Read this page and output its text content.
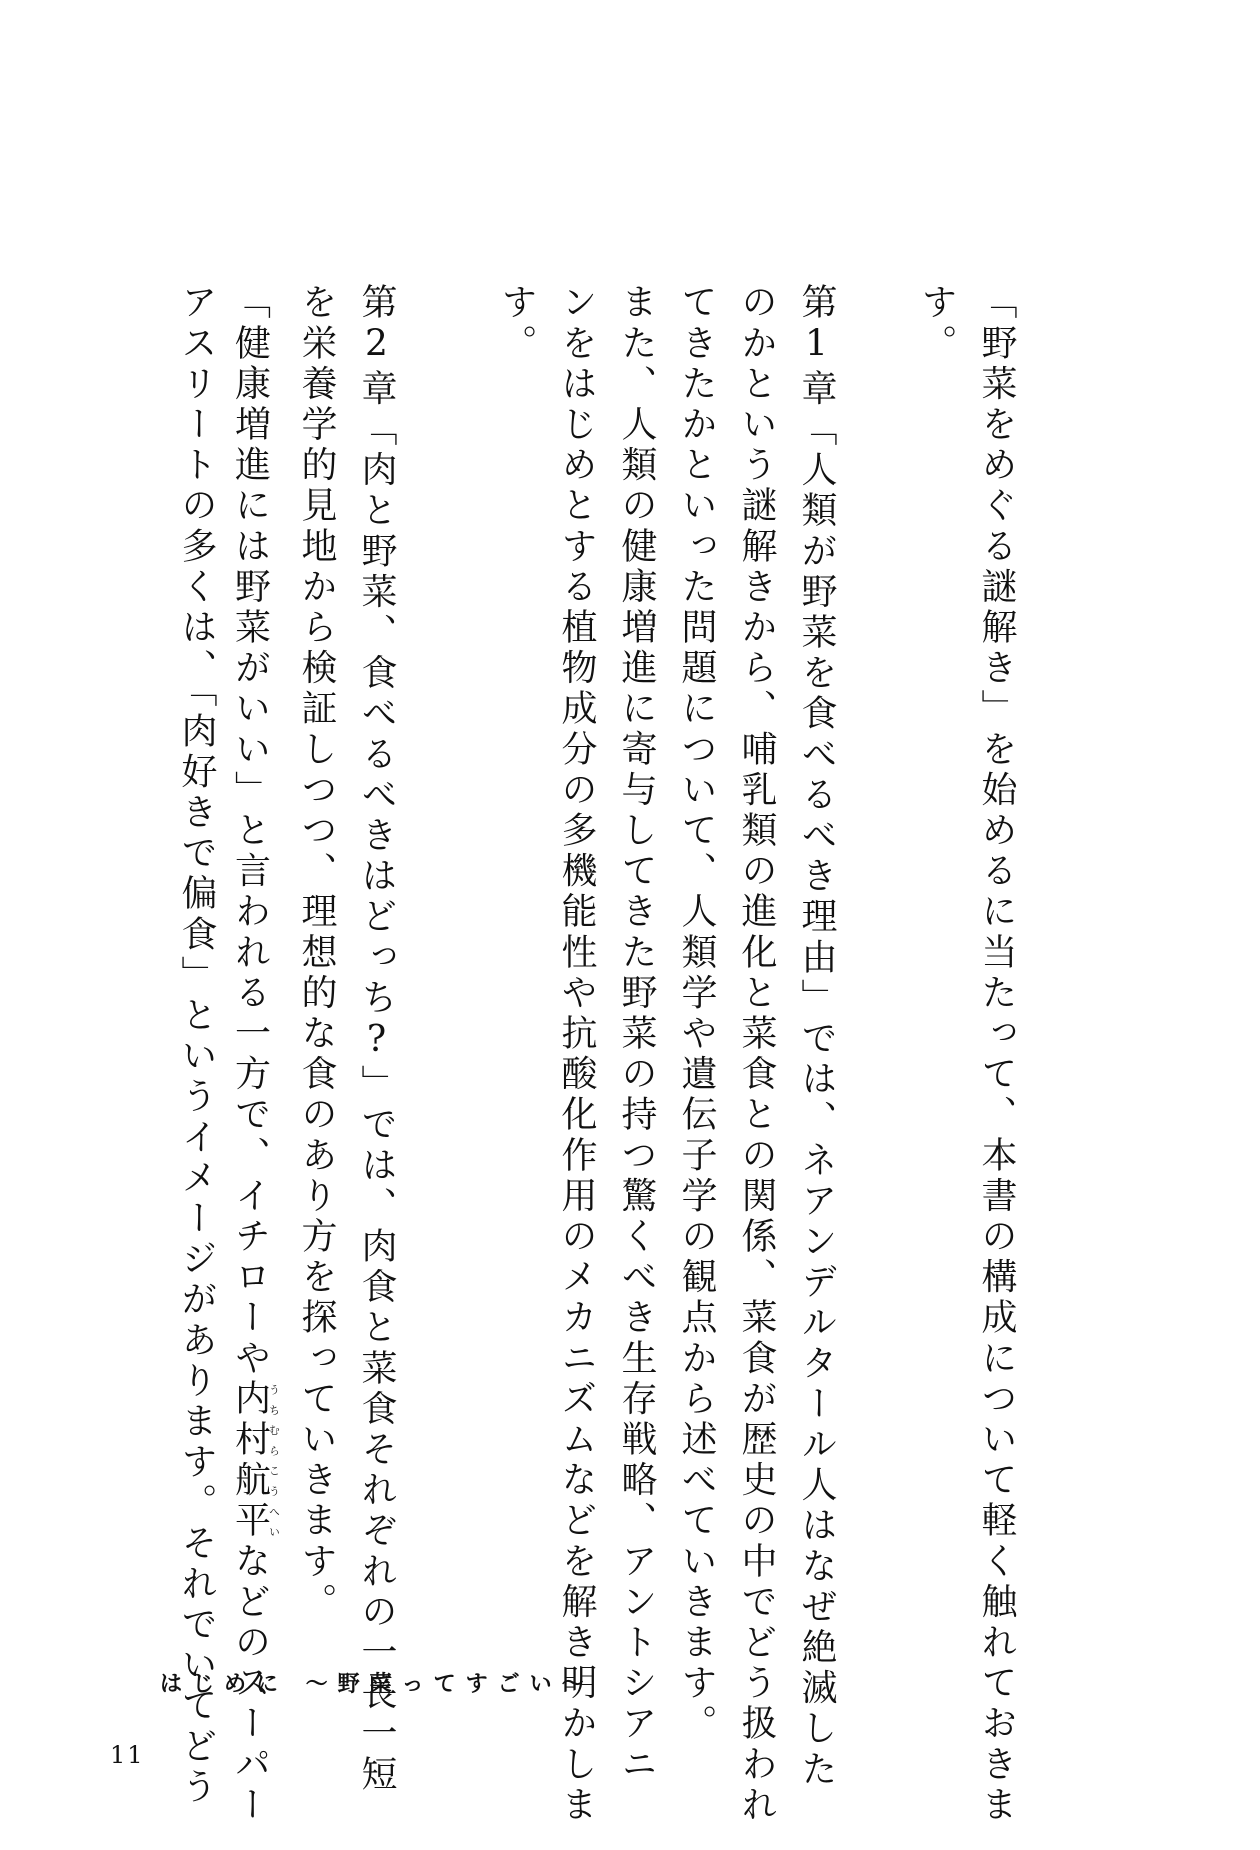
「野菜をめぐる謎解き」を始めるに当たって、本書の構成について軽く触れておきま
す。
第1章「人類が野菜を食べるべき理由」では、ネアンデルタール人はなぜ絶滅した
のかという謎解きから、哺乳類の進化と菜食との関係、菜食が歴史の中でどう扱われ
てきたかといった問題について、人類学や遺伝子学の観点から述べていきます。
また、人類の健康増進に寄与してきた野菜の持つ驚くべき生存戦略、アントシアニ
ンをはじめとする植物成分の多機能性や抗酸化作用のメカニズムなどを解き明かしま
す。
第2章「肉と野菜、食べるべきはどっち?」では、肉食と菜食それぞれの一長一短
を栄養学的見地から検証しつつ、理想的な食のあり方を探っていきます。
「健康増進には野菜がいい」と言われる一方で、イチローや内村航平うちむらこうへいなどのスーパー
アスリートの多くは、「肉好きで偏食」というイメージがあります。それでいてどう
はじめに 〜野菜ってすごい〜
11
